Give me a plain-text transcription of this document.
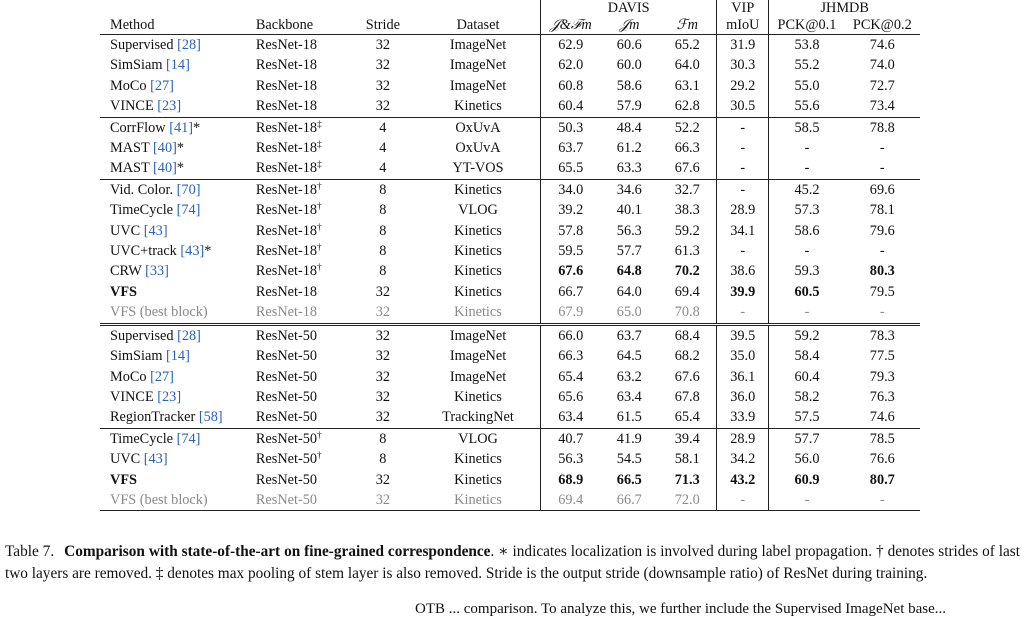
				DAVIS			VIP	JHMDB	
Method	Backbone	Stride	Dataset	𝒥&ℱm	𝒥m	ℱm	mIoU	PCK@0.1	PCK@0.2
Supervised [28]	ResNet-18	32	ImageNet	62.9	60.6	65.2	31.9	53.8	74.6
SimSiam [14]	ResNet-18	32	ImageNet	62.0	60.0	64.0	30.3	55.2	74.0
MoCo [27]	ResNet-18	32	ImageNet	60.8	58.6	63.1	29.2	55.0	72.7
VINCE [23]	ResNet-18	32	Kinetics	60.4	57.9	62.8	30.5	55.6	73.4
CorrFlow [41]*	ResNet-18‡	4	OxUvA	50.3	48.4	52.2	-	58.5	78.8
MAST [40]*	ResNet-18‡	4	OxUvA	63.7	61.2	66.3	-	-	-
MAST [40]*	ResNet-18‡	4	YT-VOS	65.5	63.3	67.6	-	-	-
Vid. Color. [70]	ResNet-18†	8	Kinetics	34.0	34.6	32.7	-	45.2	69.6
TimeCycle [74]	ResNet-18†	8	VLOG	39.2	40.1	38.3	28.9	57.3	78.1
UVC [43]	ResNet-18†	8	Kinetics	57.8	56.3	59.2	34.1	58.6	79.6
UVC+track [43]*	ResNet-18†	8	Kinetics	59.5	57.7	61.3	-	-	-
CRW [33]	ResNet-18†	8	Kinetics	67.6	64.8	70.2	38.6	59.3	80.3
VFS	ResNet-18	32	Kinetics	66.7	64.0	69.4	39.9	60.5	79.5
VFS (best block)	ResNet-18	32	Kinetics	67.9	65.0	70.8	-	-	-
Supervised [28]	ResNet-50	32	ImageNet	66.0	63.7	68.4	39.5	59.2	78.3
SimSiam [14]	ResNet-50	32	ImageNet	66.3	64.5	68.2	35.0	58.4	77.5
MoCo [27]	ResNet-50	32	ImageNet	65.4	63.2	67.6	36.1	60.4	79.3
VINCE [23]	ResNet-50	32	Kinetics	65.6	63.4	67.8	36.0	58.2	76.3
RegionTracker [58]	ResNet-50	32	TrackingNet	63.4	61.5	65.4	33.9	57.5	74.6
TimeCycle [74]	ResNet-50†	8	VLOG	40.7	41.9	39.4	28.9	57.7	78.5
UVC [43]	ResNet-50†	8	Kinetics	56.3	54.5	58.1	34.2	56.0	76.6
VFS	ResNet-50	32	Kinetics	68.9	66.5	71.3	43.2	60.9	80.7
VFS (best block)	ResNet-50	32	Kinetics	69.4	66.7	72.0	-	-	-
Table 7. Comparison with state-of-the-art on fine-grained correspondence. ∗ indicates localization is involved during label propagation. † denotes strides of last two layers are removed. ‡ denotes max pooling of stem layer is also removed. Stride is the output stride (downsample ratio) of ResNet during training.
OTB ... comparison. To analyze this, we further include the Supervised ImageNet base...
